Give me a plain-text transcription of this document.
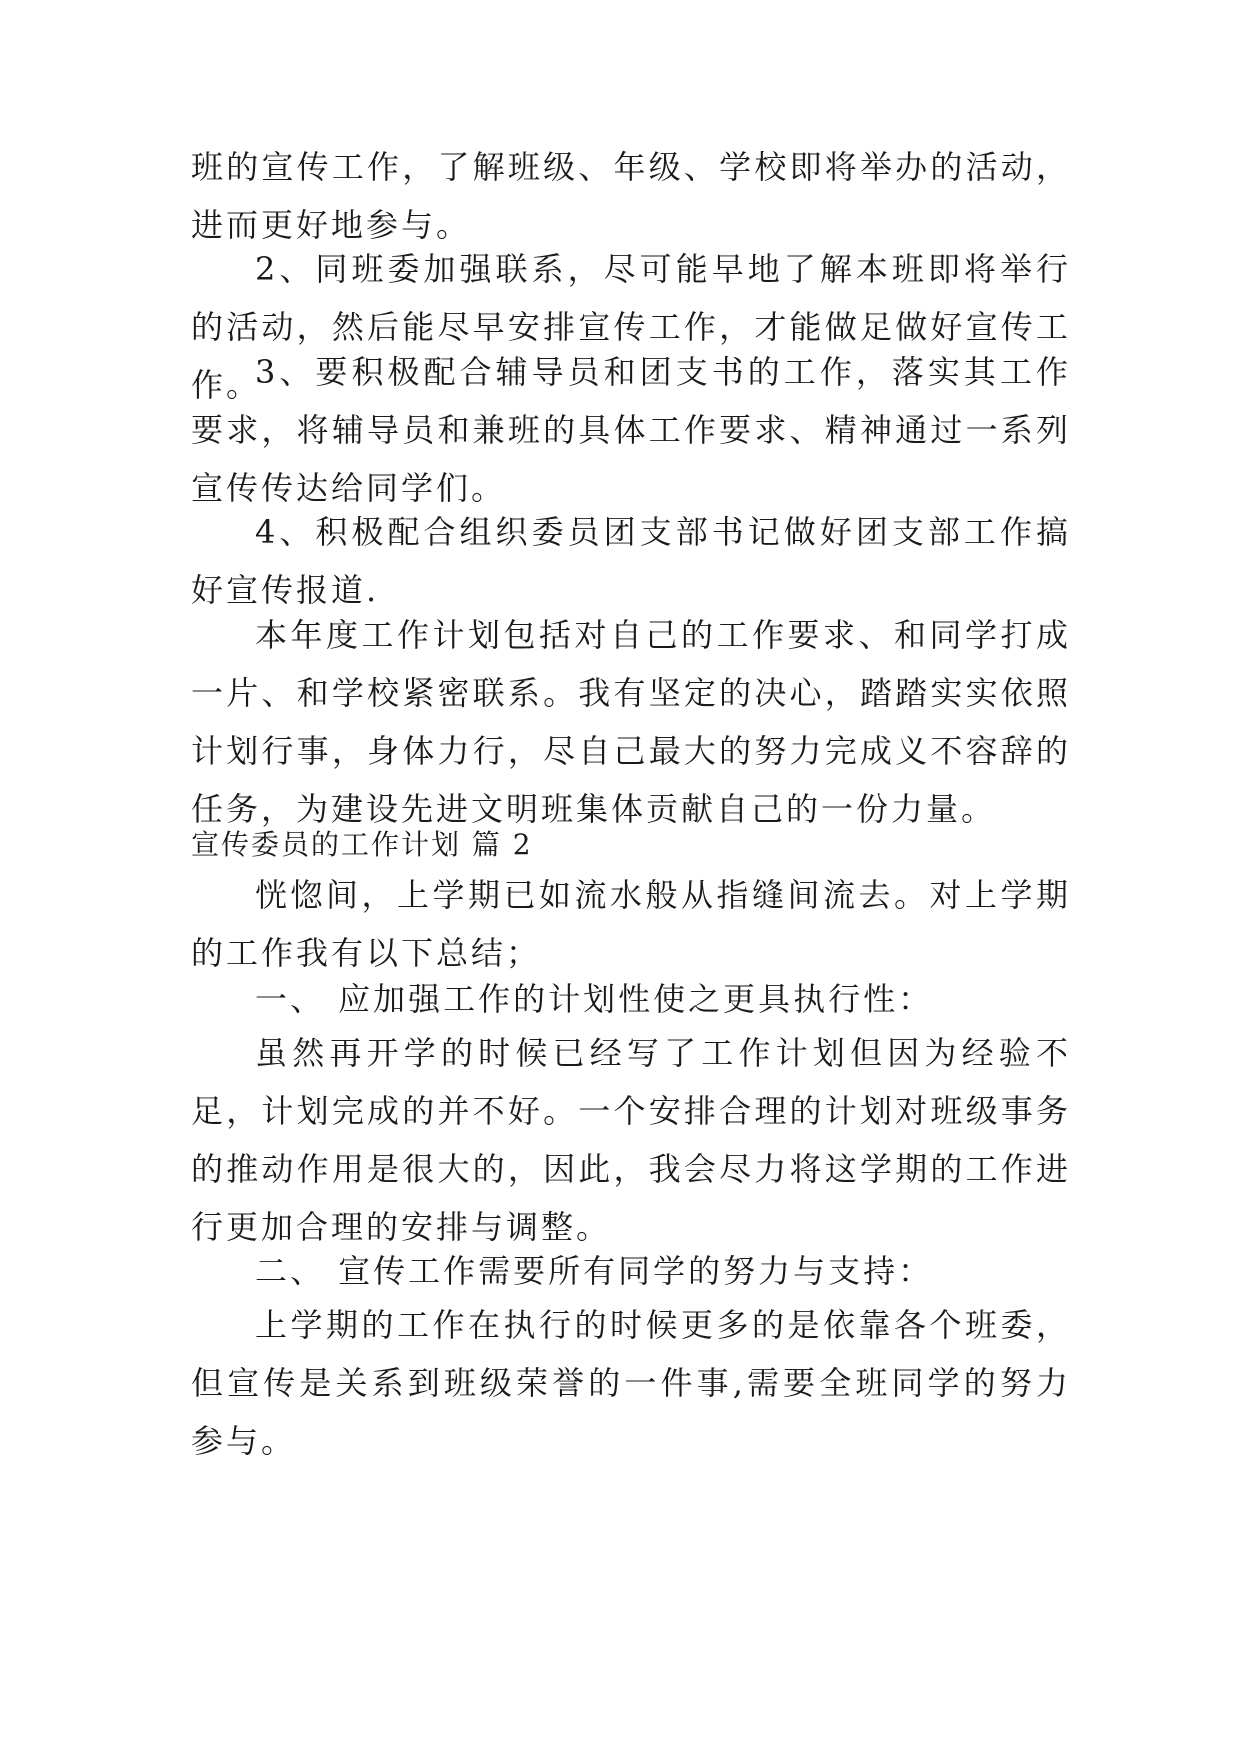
班的宣传工作，了解班级、年级、学校即将举办的活动，进而更好地参与。

2、同班委加强联系，尽可能早地了解本班即将举行的活动，然后能尽早安排宣传工作，才能做足做好宣传工作。

3、要积极配合辅导员和团支书的工作，落实其工作要求，将辅导员和兼班的具体工作要求、精神通过一系列宣传传达给同学们。

4、积极配合组织委员团支部书记做好团支部工作搞好宣传报道.

本年度工作计划包括对自己的工作要求、和同学打成一片、和学校紧密联系。我有坚定的决心，踏踏实实依照计划行事，身体力行，尽自己最大的努力完成义不容辞的任务，为建设先进文明班集体贡献自己的一份力量。

宣传委员的工作计划 篇 2

恍惚间，上学期已如流水般从指缝间流去。对上学期的工作我有以下总结；

一、 应加强工作的计划性使之更具执行性：

虽然再开学的时候已经写了工作计划但因为经验不足，计划完成的并不好。一个安排合理的计划对班级事务的推动作用是很大的，因此，我会尽力将这学期的工作进行更加合理的安排与调整。

二、 宣传工作需要所有同学的努力与支持：

上学期的工作在执行的时候更多的是依靠各个班委，但宣传是关系到班级荣誉的一件事,需要全班同学的努力参与。
